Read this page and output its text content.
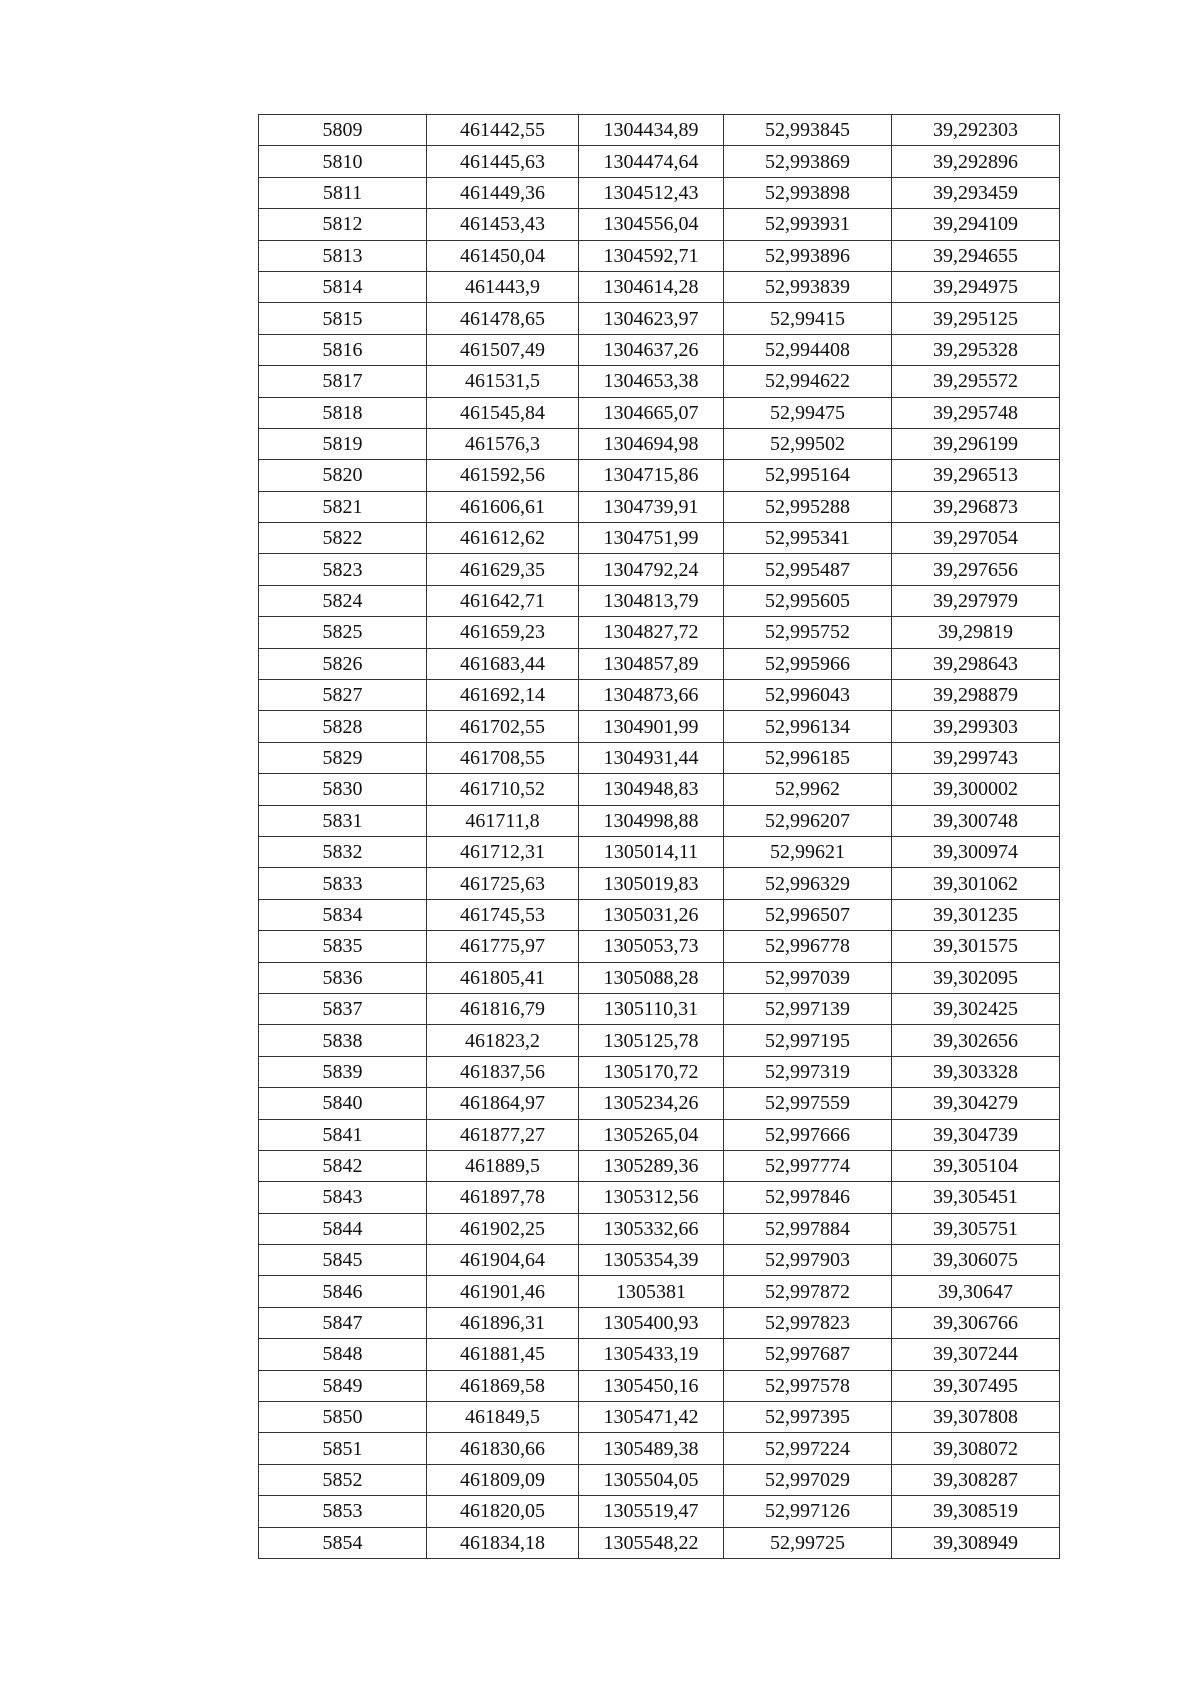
5809	461442,55	1304434,89	52,993845	39,292303
5810	461445,63	1304474,64	52,993869	39,292896
5811	461449,36	1304512,43	52,993898	39,293459
5812	461453,43	1304556,04	52,993931	39,294109
5813	461450,04	1304592,71	52,993896	39,294655
5814	461443,9	1304614,28	52,993839	39,294975
5815	461478,65	1304623,97	52,99415	39,295125
5816	461507,49	1304637,26	52,994408	39,295328
5817	461531,5	1304653,38	52,994622	39,295572
5818	461545,84	1304665,07	52,99475	39,295748
5819	461576,3	1304694,98	52,99502	39,296199
5820	461592,56	1304715,86	52,995164	39,296513
5821	461606,61	1304739,91	52,995288	39,296873
5822	461612,62	1304751,99	52,995341	39,297054
5823	461629,35	1304792,24	52,995487	39,297656
5824	461642,71	1304813,79	52,995605	39,297979
5825	461659,23	1304827,72	52,995752	39,29819
5826	461683,44	1304857,89	52,995966	39,298643
5827	461692,14	1304873,66	52,996043	39,298879
5828	461702,55	1304901,99	52,996134	39,299303
5829	461708,55	1304931,44	52,996185	39,299743
5830	461710,52	1304948,83	52,9962	39,300002
5831	461711,8	1304998,88	52,996207	39,300748
5832	461712,31	1305014,11	52,99621	39,300974
5833	461725,63	1305019,83	52,996329	39,301062
5834	461745,53	1305031,26	52,996507	39,301235
5835	461775,97	1305053,73	52,996778	39,301575
5836	461805,41	1305088,28	52,997039	39,302095
5837	461816,79	1305110,31	52,997139	39,302425
5838	461823,2	1305125,78	52,997195	39,302656
5839	461837,56	1305170,72	52,997319	39,303328
5840	461864,97	1305234,26	52,997559	39,304279
5841	461877,27	1305265,04	52,997666	39,304739
5842	461889,5	1305289,36	52,997774	39,305104
5843	461897,78	1305312,56	52,997846	39,305451
5844	461902,25	1305332,66	52,997884	39,305751
5845	461904,64	1305354,39	52,997903	39,306075
5846	461901,46	1305381	52,997872	39,30647
5847	461896,31	1305400,93	52,997823	39,306766
5848	461881,45	1305433,19	52,997687	39,307244
5849	461869,58	1305450,16	52,997578	39,307495
5850	461849,5	1305471,42	52,997395	39,307808
5851	461830,66	1305489,38	52,997224	39,308072
5852	461809,09	1305504,05	52,997029	39,308287
5853	461820,05	1305519,47	52,997126	39,308519
5854	461834,18	1305548,22	52,99725	39,308949
